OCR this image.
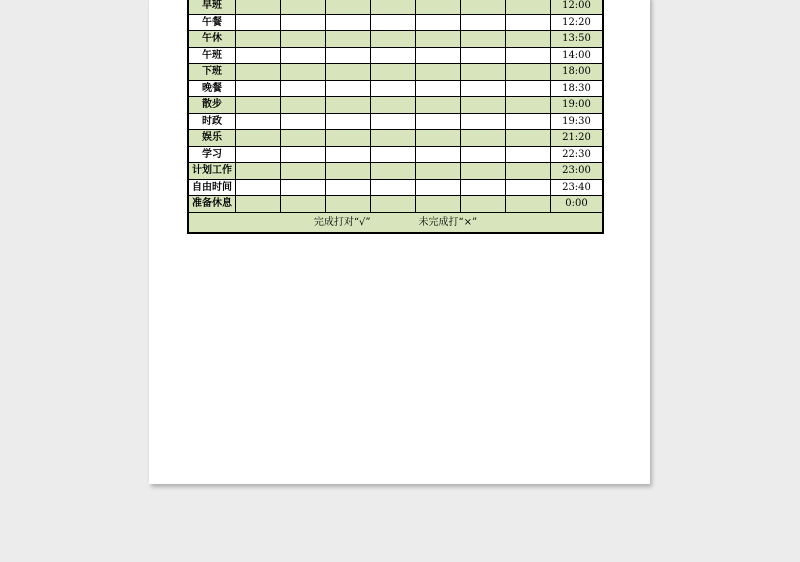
早班								12:00
午餐								12:20
午休								13:50
午班								14:00
下班								18:00
晚餐								18:30
散步								19:00
时政								19:30
娱乐								21:20
学习								22:30
计划工作								23:00
自由时间								23:40
准备休息								0:00

完成打对“√” 未完成打“×”								
